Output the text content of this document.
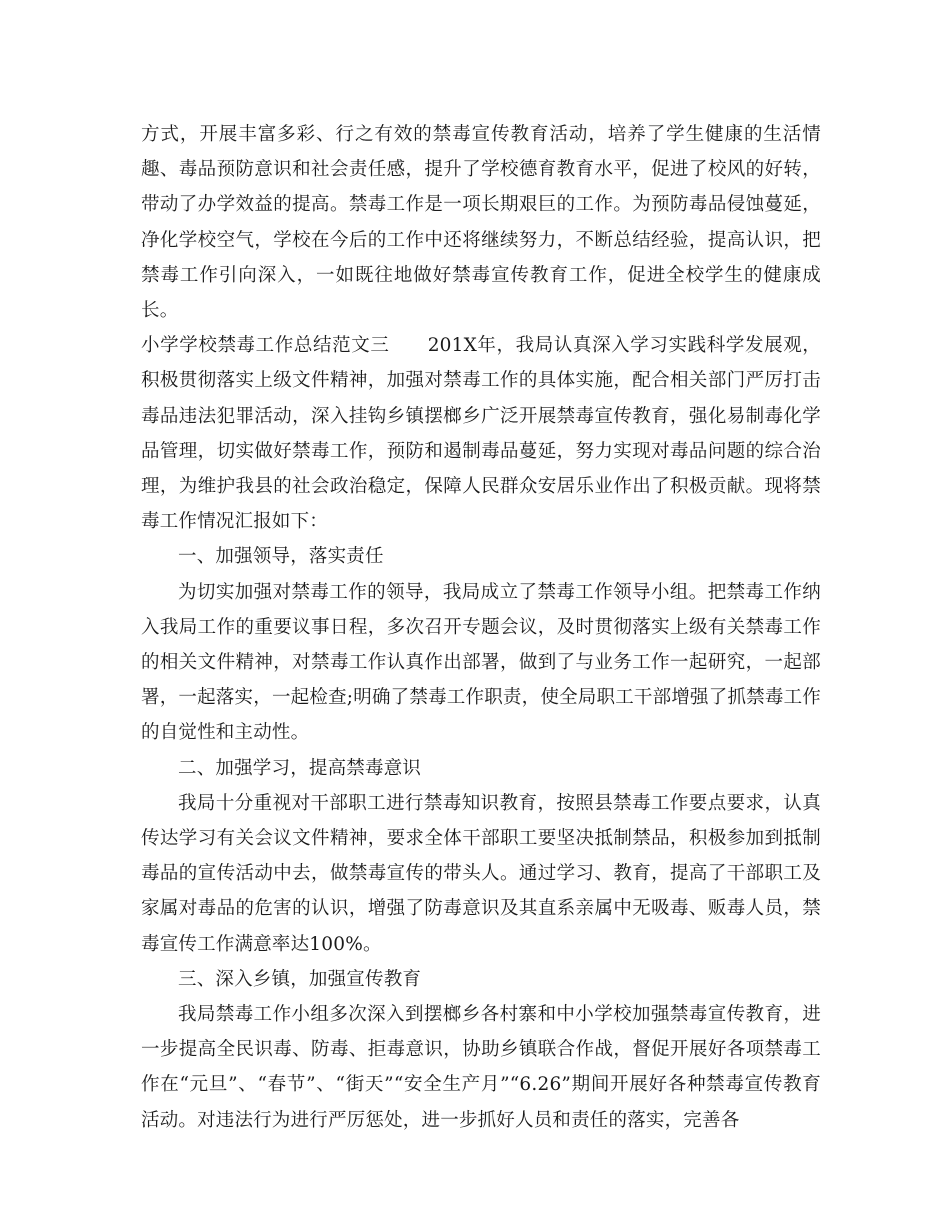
方式，开展丰富多彩、行之有效的禁毒宣传教育活动，培养了学生健康的生活情趣、毒品预防意识和社会责任感，提升了学校德育教育水平，促进了校风的好转，带动了办学效益的提高。禁毒工作是一项长期艰巨的工作。为预防毒品侵蚀蔓延，净化学校空气，学校在今后的工作中还将继续努力，不断总结经验，提高认识，把禁毒工作引向深入，一如既往地做好禁毒宣传教育工作，促进全校学生的健康成长。

小学学校禁毒工作总结范文三　　 201X年，我局认真深入学习实践科学发展观，积极贯彻落实上级文件精神，加强对禁毒工作的具体实施，配合相关部门严厉打击毒品违法犯罪活动，深入挂钩乡镇摆榔乡广泛开展禁毒宣传教育，强化易制毒化学品管理，切实做好禁毒工作，预防和遏制毒品蔓延，努力实现对毒品问题的综合治理，为维护我县的社会政治稳定，保障人民群众安居乐业作出了积极贡献。现将禁毒工作情况汇报如下：

一、加强领导，落实责任

为切实加强对禁毒工作的领导，我局成立了禁毒工作领导小组。把禁毒工作纳入我局工作的重要议事日程，多次召开专题会议，及时贯彻落实上级有关禁毒工作的相关文件精神，对禁毒工作认真作出部署，做到了与业务工作一起研究，一起部署，一起落实，一起检查;明确了禁毒工作职责，使全局职工干部增强了抓禁毒工作的自觉性和主动性。

二、加强学习，提高禁毒意识

我局十分重视对干部职工进行禁毒知识教育，按照县禁毒工作要点要求，认真传达学习有关会议文件精神，要求全体干部职工要坚决抵制禁品，积极参加到抵制毒品的宣传活动中去，做禁毒宣传的带头人。通过学习、教育，提高了干部职工及家属对毒品的危害的认识，增强了防毒意识及其直系亲属中无吸毒、贩毒人员，禁毒宣传工作满意率达100%。

三、深入乡镇，加强宣传教育

我局禁毒工作小组多次深入到摆榔乡各村寨和中小学校加强禁毒宣传教育，进一步提高全民识毒、防毒、拒毒意识，协助乡镇联合作战，督促开展好各项禁毒工作在“元旦”、“春节”、“街天”“安全生产月”“6.26”期间开展好各种禁毒宣传教育活动。对违法行为进行严厉惩处，进一步抓好人员和责任的落实，完善各
